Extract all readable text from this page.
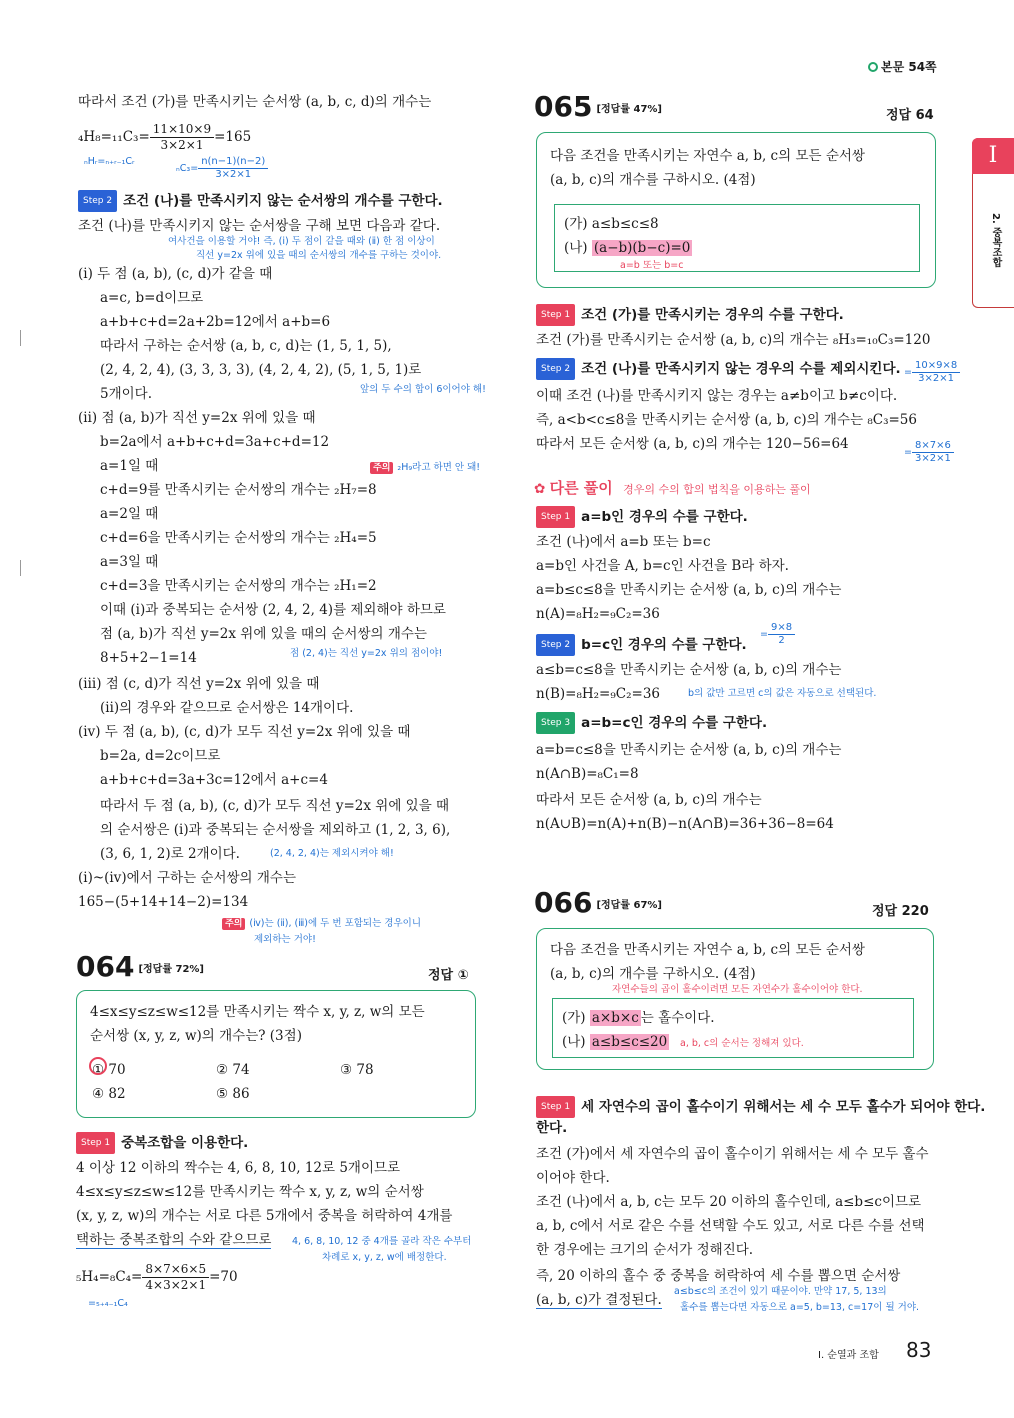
본문 54쪽
I
2. 중복조합
따라서 조건 (가)를 만족시키는 순서쌍 (a, b, c, d)의 개수는
$_4H_8=_{11}C_3= \frac{11\times 10\times 9}{3\times 2\times 1} =165$
ₙHᵣ=ₙ₊ᵣ₋₁Cᵣ
$_nC_3= \frac{n(n-1)(n-2)}{3\times 2\times 1}$
Step 2 조건 (나)를 만족시키지 않는 순서쌍의 개수를 구한다.
조건 (나)를 만족시키지 않는 순서쌍을 구해 보면 다음과 같다.
여사건을 이용할 거야! 즉, (ⅰ) 두 점이 같을 때와 (ⅱ) 한 점 이상이
직선 y=2x 위에 있을 때의 순서쌍의 개수를 구하는 것이야.
(ⅰ) 두 점 (a, b), (c, d)가 같을 때
a=c, b=d이므로
a+b+c+d=2a+2b=12에서 a+b=6
따라서 구하는 순서쌍 (a, b, c, d)는 (1, 5, 1, 5),
(2, 4, 2, 4), (3, 3, 3, 3), (4, 2, 4, 2), (5, 1, 5, 1)로
앞의 두 수의 합이 6이어야 해!
5개이다.
(ⅱ) 점 (a, b)가 직선 y=2x 위에 있을 때
b=2a에서 a+b+c+d=3a+c+d=12
a=1일 때	주의 ₂H₉라고 하면 안 돼!
c+d=9를 만족시키는 순서쌍의 개수는 ₂H₇=8
a=2일 때
c+d=6을 만족시키는 순서쌍의 개수는 ₂H₄=5
a=3일 때
c+d=3을 만족시키는 순서쌍의 개수는 ₂H₁=2
이때 (ⅰ)과 중복되는 순서쌍 (2, 4, 2, 4)를 제외해야 하므로
점 (a, b)가 직선 y=2x 위에 있을 때의 순서쌍의 개수는
점 (2, 4)는 직선 y=2x 위의 점이야!
8+5+2−1=14
(ⅲ) 점 (c, d)가 직선 y=2x 위에 있을 때
(ⅱ)의 경우와 같으므로 순서쌍은 14개이다.
(ⅳ) 두 점 (a, b), (c, d)가 모두 직선 y=2x 위에 있을 때
b=2a, d=2c이므로
a+b+c+d=3a+3c=12에서 a+c=4
따라서 두 점 (a, b), (c, d)가 모두 직선 y=2x 위에 있을 때
의 순서쌍은 (ⅰ)과 중복되는 순서쌍을 제외하고 (1, 2, 3, 6),
(3, 6, 1, 2)로 2개이다.	(2, 4, 2, 4)는 제외시켜야 해!
(ⅰ)~(ⅳ)에서 구하는 순서쌍의 개수는
165−(5+14+14−2)=134
주의 (ⅳ)는 (ⅱ), (ⅲ)에 두 번 포함되는 경우이니
제외하는 거야!
064 [정답률 72%]	정답 ①
4≤x≤y≤z≤w≤12를 만족시키는 짝수 x, y, z, w의 모든
순서쌍 (x, y, z, w)의 개수는? (3점)
① 70	② 74	③ 78
④ 82	⑤ 86
Step 1 중복조합을 이용한다.
4 이상 12 이하의 짝수는 4, 6, 8, 10, 12로 5개이므로
4≤x≤y≤z≤w≤12를 만족시키는 짝수 x, y, z, w의 순서쌍
(x, y, z, w)의 개수는 서로 다른 5개에서 중복을 허락하여 4개를
택하는 중복조합의 수와 같으므로 4, 6, 8, 10, 12 중 4개를 골라 작은 수부터
차례로 x, y, z, w에 배정한다.
$_5H_4=_8C_4= \frac{8\times 7\times 6\times 5}{4\times 3\times 2\times 1} =70$
=₅₊₄₋₁C₄
065 [정답률 47%]	정답 64
다음 조건을 만족시키는 자연수 a, b, c의 모든 순서쌍
(a, b, c)의 개수를 구하시오. (4점)
(가) a≤b≤c≤8
(나) (a−b)(b−c)=0
a=b 또는 b=c
Step 1 조건 (가)를 만족시키는 경우의 수를 구한다.
조건 (가)를 만족시키는 순서쌍 (a, b, c)의 개수는 ₈H₃=₁₀C₃=120
Step 2 조건 (나)를 만족시키지 않는 경우의 수를 제외시킨다. = $\frac{10\times 9\times 8}{3\times 2\times 1}$
이때 조건 (나)를 만족시키지 않는 경우는 a≠b이고 b≠c이다.
즉, a<b<c≤8을 만족시키는 순서쌍 (a, b, c)의 개수는 ₈C₃=56
따라서 모든 순서쌍 (a, b, c)의 개수는 120−56=64
= $\frac{8\times 7\times 6}{3\times 2\times 1}$
✿ 다른 풀이 경우의 수의 합의 법칙을 이용하는 풀이
Step 1 a=b인 경우의 수를 구한다.
조건 (나)에서 a=b 또는 b=c
a=b인 사건을 A, b=c인 사건을 B라 하자.
a=b≤c≤8을 만족시키는 순서쌍 (a, b, c)의 개수는
n(A)=₈H₂=₉C₂=36
= $\frac{9\times 8}{2}$
Step 2 b=c인 경우의 수를 구한다.
a≤b=c≤8을 만족시키는 순서쌍 (a, b, c)의 개수는
n(B)=₈H₂=₉C₂=36	b의 값만 고르면 c의 값은 자동으로 선택된다.
Step 3 a=b=c인 경우의 수를 구한다.
a=b=c≤8을 만족시키는 순서쌍 (a, b, c)의 개수는
n(A∩B)=₈C₁=8
따라서 모든 순서쌍 (a, b, c)의 개수는
n(A∪B)=n(A)+n(B)−n(A∩B)=36+36−8=64
066 [정답률 67%]	정답 220
다음 조건을 만족시키는 자연수 a, b, c의 모든 순서쌍
(a, b, c)의 개수를 구하시오. (4점)
자연수들의 곱이 홀수이려면 모든 자연수가 홀수이어야 한다.
(가) a×b×c 는 홀수이다.
(나) a≤b≤c≤20 a, b, c의 순서는 정해져 있다.
Step 1 세 자연수의 곱이 홀수이기 위해서는 세 수 모두 홀수가 되어야 한다.
한다.
조건 (가)에서 세 자연수의 곱이 홀수이기 위해서는 세 수 모두 홀수
이어야 한다.
조건 (나)에서 a, b, c는 모두 20 이하의 홀수인데, a≤b≤c이므로
a, b, c에서 서로 같은 수를 선택할 수도 있고, 서로 다른 수를 선택
한 경우에는 크기의 순서가 정해진다.
즉, 20 이하의 홀수 중 중복을 허락하여 세 수를 뽑으면 순서쌍
(a, b, c)가 결정된다.
a≤b≤c의 조건이 있기 때문이야. 만약 17, 5, 13의
홀수를 뽑는다면 자동으로 a=5, b=13, c=17이 될 거야.
Ⅰ. 순열과 조합 83
